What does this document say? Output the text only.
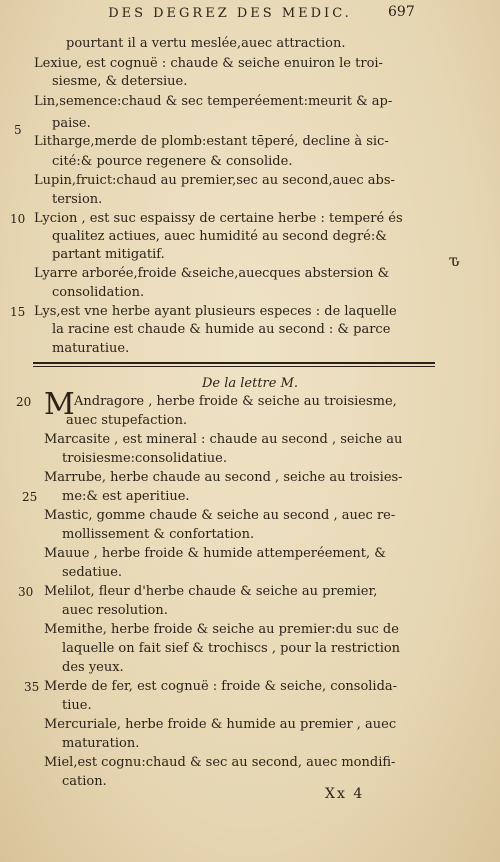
DES DEGREZ DES MEDIC.	697
pourtant il a vertu meslée,auec attraction.
Lexiue, est cognuë : chaude & seiche enuiron le troi-
siesme, & detersiue.
Lin,semence:chaud & sec temperéement:meurit & ap-
paise.
Litharge,merde de plomb:estant tēperé, decline à sic-
cité:& pource regenere & consolide.
Lupin,fruict:chaud au premier,sec au second,auec abs-
tersion.
Lycion , est suc espaissy de certaine herbe : temperé és
qualitez actiues, auec humidité au second degré:&
partant mitigatif.
Lyarre arborée,froide &seiche,auecques abstersion &
consolidation.
Lys,est vne herbe ayant plusieurs especes : de laquelle
la racine est chaude & humide au second : & parce
maturatiue.
ԏ
5
10
15
De la lettre M.
M Andragore , herbe froide & seiche au troisiesme,
auec stupefaction.
Marcasite , est mineral : chaude au second , seiche au
troisiesme:consolidatiue.
Marrube, herbe chaude au second , seiche au troisies-
me:& est aperitiue.
Mastic, gomme chaude & seiche au second , auec re-
mollissement & confortation.
Mauue , herbe froide & humide attemperéement, &
sedatiue.
Melilot, fleur d'herbe chaude & seiche au premier,
auec resolution.
Memithe, herbe froide & seiche au premier:du suc de
laquelle on fait sief & trochiscs , pour la restriction
des yeux.
Merde de fer, est cognuë : froide & seiche, consolida-
tiue.
Mercuriale, herbe froide & humide au premier , auec
maturation.
Miel,est cognu:chaud & sec au second, auec mondifi-
cation.
20
25
30
35
Xx 4
